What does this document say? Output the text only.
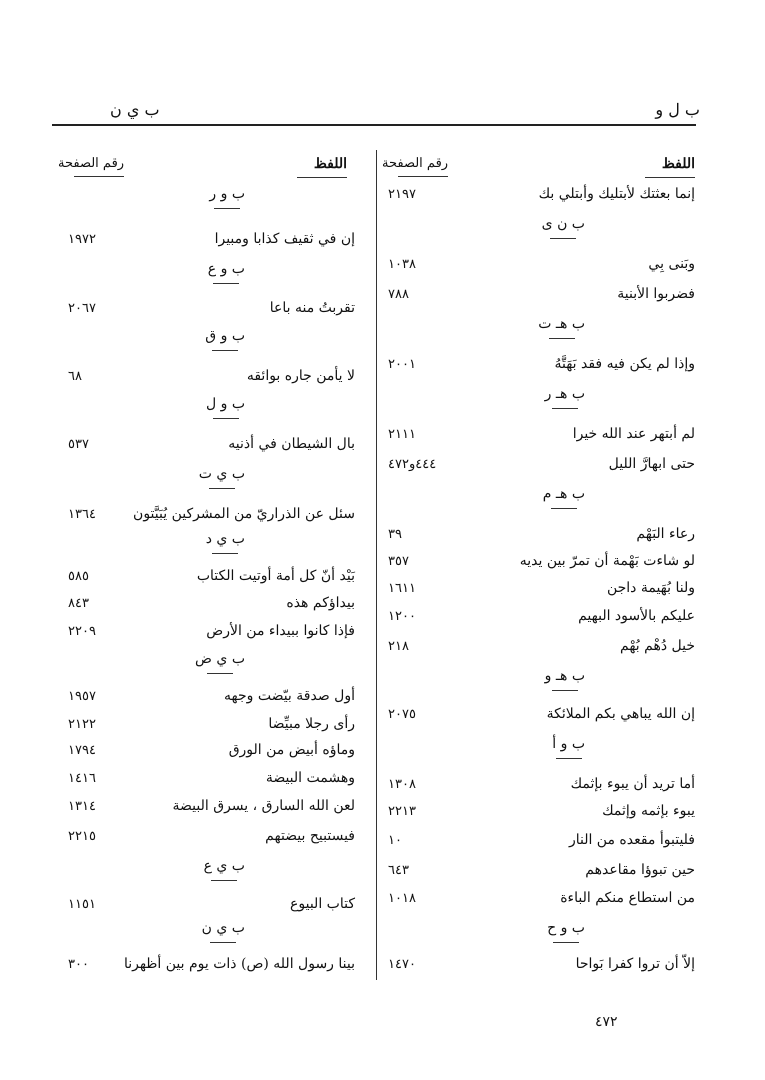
ب ل و
ب ي ن
اللفظ
رقم الصفحة
اللفظ
رقم الصفحة
إنما بعثتك لأبتليك وأبتلي بك
٢١٩٧
ب ن ى
وبَنى بِي
١٠٣٨
فضربوا الأبنية
٧٨٨
ب هـ ت
وإذا لم يكن فيه فقد بَهَتَّهُ
٢٠٠١
ب هـ ر
لم أبتهر عند الله خيرا
٢١١١
حتى ابهارَّ الليل
٤٤٤و٤٧٢
ب هـ م
رعاء البَهْم
٣٩
لو شاءت بَهْمة أن تمرّ بين يديه
٣٥٧
ولنا بُهَيمة داجن
١٦١١
عليكم بالأسود البهيم
١٢٠٠
خيل دُهْم بُهْم
٢١٨
ب هـ و
إن الله يباهي بكم الملائكة
٢٠٧٥
ب و أ
أما تريد أن يبوء بإثمك
١٣٠٨
يبوء بإثمه وإثمك
٢٢١٣
فليتبوأ مقعده من النار
١٠
حين تبوؤا مقاعدهم
٦٤٣
من استطاع منكم الباءة
١٠١٨
ب و ح
إلاّ أن تروا كفرا بَواحا
١٤٧٠
ب و ر
إن في ثقيف كذابا ومبيرا
١٩٧٢
ب و ع
تقربتُ منه باعا
٢٠٦٧
ب و ق
لا يأمن جاره بوائقه
٦٨
ب و ل
بال الشيطان في أذنيه
٥٣٧
ب ي ت
سئل عن الذراريّ من المشركين يُبَيَّتون
١٣٦٤
ب ي د
بَيْد أنّ كل أمة أوتيت الكتاب
٥٨٥
بيداؤكم هذه
٨٤٣
فإذا كانوا ببيداء من الأرض
٢٢٠٩
ب ي ض
أول صدقة بيّضت وجهه
١٩٥٧
رأى رجلا مبيِّضا
٢١٢٢
وماؤه أبيض من الورق
١٧٩٤
وهشمت البيضة
١٤١٦
لعن الله السارق ، يسرق البيضة
١٣١٤
فيستبيح بيضتهم
٢٢١٥
ب ي ع
كتاب البيوع
١١٥١
ب ي ن
بينا رسول الله (ص) ذات يوم بين أظهرنا
٣٠٠
٤٧٢
